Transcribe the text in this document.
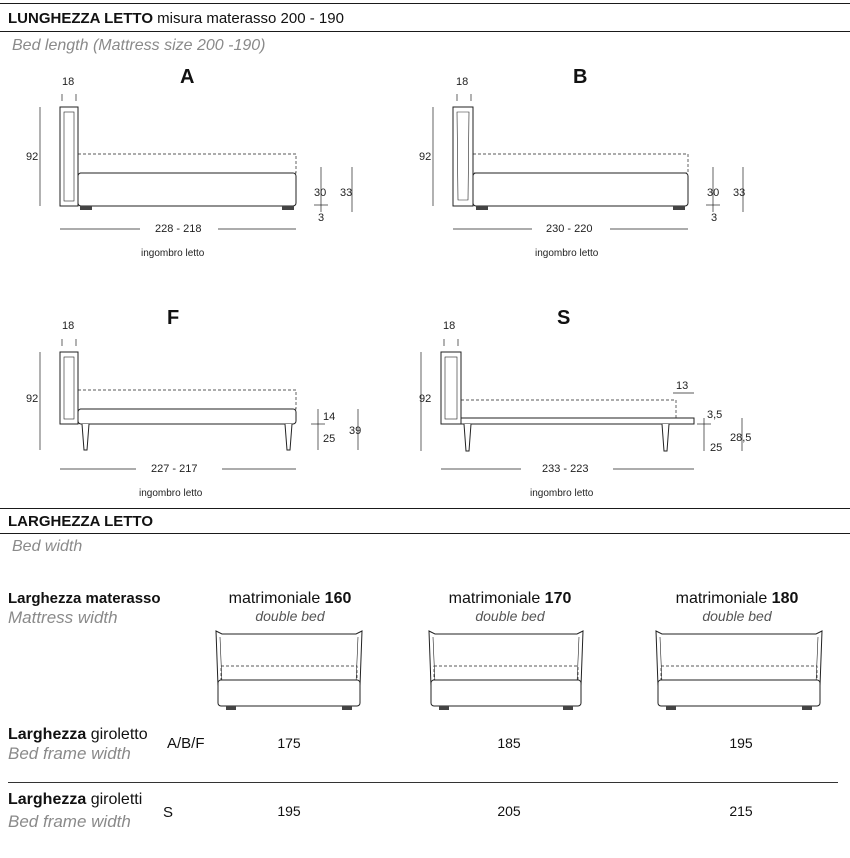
LUNGHEZZA LETTO misura materasso 200 - 190
Bed length (Mattress size 200 -190)
A
18
92
228 - 218
ingombro letto
30
3
33
B
18
92
230 - 220
ingombro letto
30
3
33
F
18
92
227 - 217
ingombro letto
14
25
39
S
18
92
233 - 223
ingombro letto
13
3,5
25
28,5
LARGHEZZA LETTO
Bed width
Larghezza materasso
Mattress width
matrimoniale 160
double bed
matrimoniale 170
double bed
matrimoniale 180
double bed
Larghezza giroletto
Bed frame width
A/B/F	175	185	195
Larghezza giroletti
Bed frame width S	195	205	215
